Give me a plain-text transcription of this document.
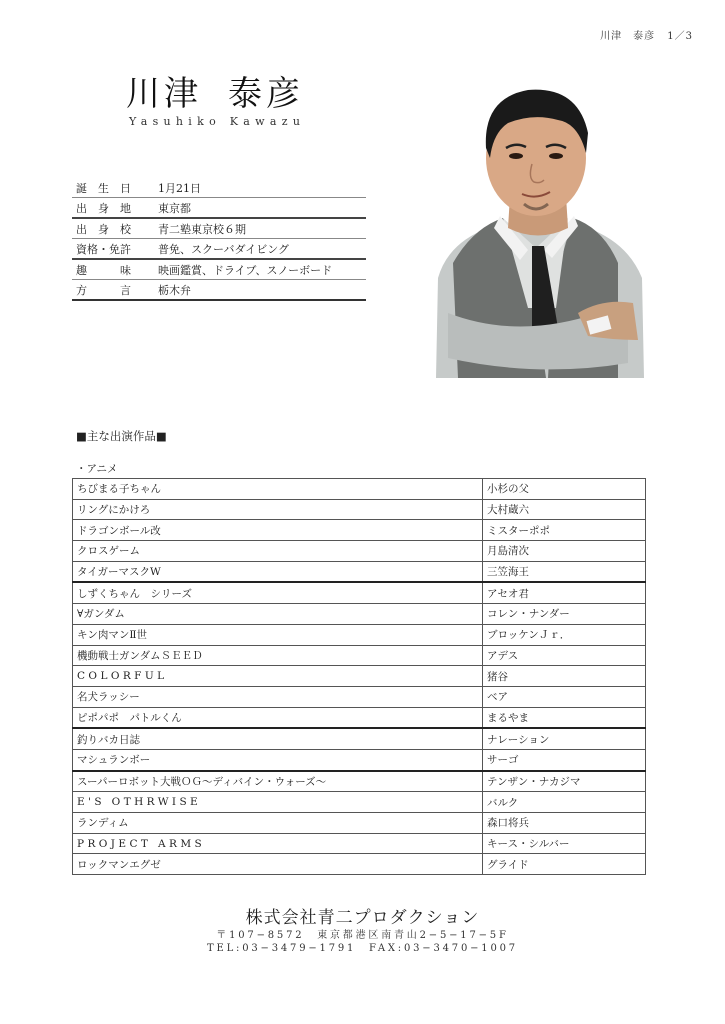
川津　泰彦 1／3
川津 泰彦
Yasuhiko Kawazu
誕　生　日	1月21日
出　身　地	東京都
出　身　校	青二塾東京校６期
資格・免許	普免、スクーバダイビング
趣　　　味	映画鑑賞、ドライブ、スノーボード
方　　　言	栃木弁
■主な出演作品■
・アニメ
ちびまる子ちゃん	小杉の父
リングにかけろ	大村蔵六
ドラゴンボール改	ミスターポポ
クロスゲーム	月島清次
タイガーマスクW	三笠海王
しずくちゃん　シリーズ	アセオ君
∀ガンダム	コレン・ナンダー
キン肉マンⅡ世	ブロッケンＪｒ．
機動戦士ガンダムＳＥＥＤ	アデス
COLORFUL	猪谷
名犬ラッシー	ベア
ピポパポ　パトルくん	まるやま
釣りバカ日誌	ナレーション
マシュランボー	サーゴ
スーパーロボット大戦ＯＧ～ディバイン・ウォーズ～	テンザン・ナカジマ
E'S OTHRWISE	バルク
ランディム	森口将兵
PROJECT ARMS	キース・シルバー
ロックマンエグゼ	グライド
株式会社青二プロダクション
〒107−8572　東京都港区南青山2−5−17−5F
TEL:03−3479−1791　FAX:03−3470−1007
